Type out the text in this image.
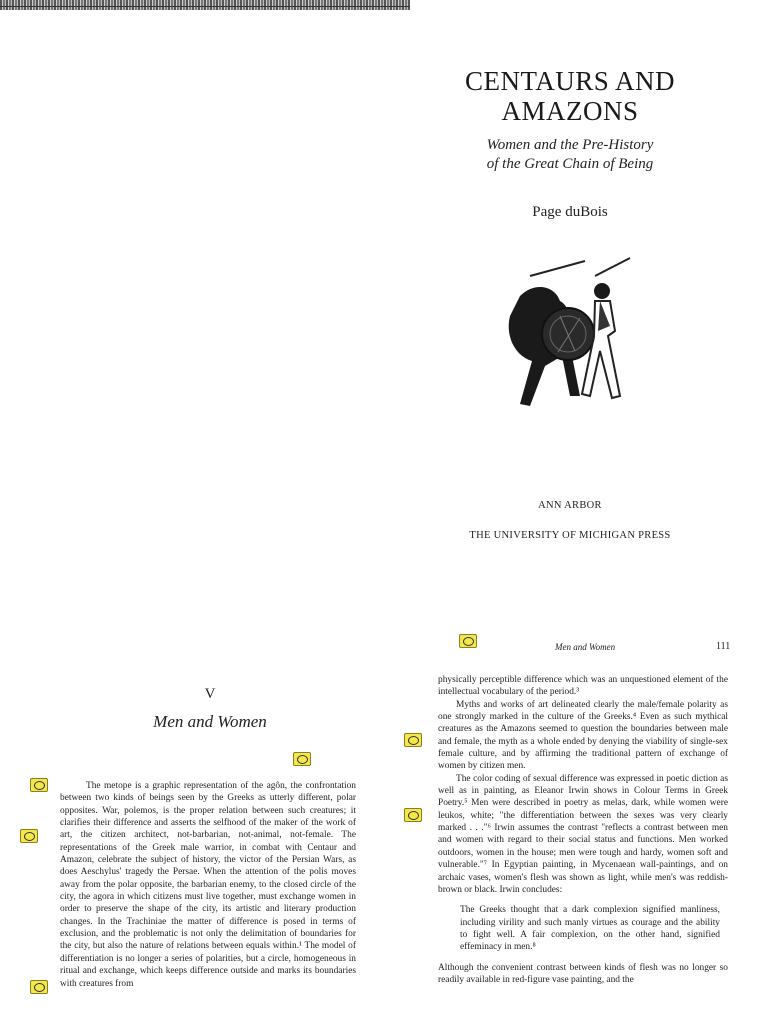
CENTAURS AND
AMAZONS
Women and the Pre-History
of the Great Chain of Being
Page duBois
ANN ARBOR
THE UNIVERSITY OF MICHIGAN PRESS
V
Men and Women
Men and Women	111

The metope is a graphic representation of the agôn, the confrontation between two kinds of beings seen by the Greeks as utterly different, polar opposites. War, polemos, is the proper relation between such creatures; it clarifies their difference and asserts the selfhood of the maker of the work of art, the citizen architect, not-barbarian, not-animal, not-female. The representations of the Greek male warrior, in combat with Centaur and Amazon, celebrate the subject of history, the victor of the Persian Wars, as does Aeschylus' tragedy the Persae. When the attention of the polis moves away from the polar opposite, the barbarian enemy, to the closed circle of the city, the agora in which citizens must live together, must exchange women in order to preserve the shape of the city, its artistic and literary production changes. In the Trachiniae the matter of difference is posed in terms of exclusion, and the problematic is not only the delimitation of boundaries for the city, but also the nature of relations between equals within.¹ The model of differentiation is no longer a series of polarities, but a circle, homogeneous in ritual and exchange, which keeps difference outside and marks its boundaries with creatures from

physically perceptible difference which was an unquestioned element of the intellectual vocabulary of the period.³

Myths and works of art delineated clearly the male/female polarity as one strongly marked in the culture of the Greeks.⁴ Even as such mythical creatures as the Amazons seemed to question the boundaries between male and female, the myth as a whole ended by denying the viability of single-sex female culture, and by affirming the traditional pattern of exchange of women by citizen men.

The color coding of sexual difference was expressed in poetic diction as well as in painting, as Eleanor Irwin shows in Colour Terms in Greek Poetry.⁵ Men were described in poetry as melas, dark, while women were leukos, white; "the differentiation between the sexes was very clearly marked . . ."⁶ Irwin assumes the contrast "reflects a contrast between men and women with regard to their social status and functions. Men worked outdoors, women in the house; men were tough and hardy, women soft and vulnerable."⁷ In Egyptian painting, in Mycenaean wall-paintings, and on archaic vases, women's flesh was shown as light, while men's was reddish-brown or black. Irwin concludes:

The Greeks thought that a dark complexion signified manliness, including virility and such manly virtues as courage and the ability to fight well. A fair complexion, on the other hand, signified effeminacy in men.⁸

Although the convenient contrast between kinds of flesh was no longer so readily available in red-figure vase painting, and the
